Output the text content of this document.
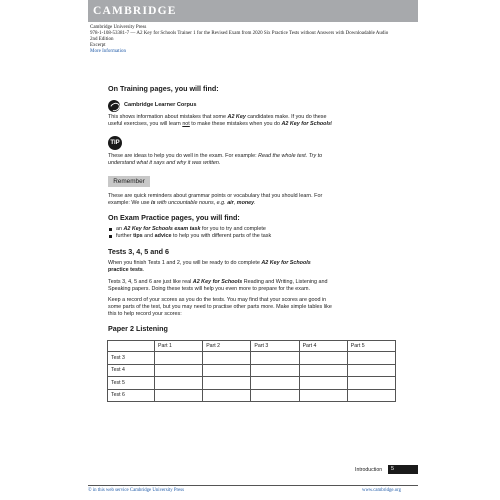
CAMBRIDGE
Cambridge University Press
978-1-108-53381-7 — A2 Key for Schools Trainer 1 for the Revised Exam from 2020 Six Practice Tests without Answers with Downloadable Audio
2nd Edition
Excerpt
More Information
On Training pages, you will find:
Cambridge Learner Corpus
This shows information about mistakes that some A2 Key candidates make. If you do these
useful exercises, you will learn not to make these mistakes when you do A2 Key for Schools!
TIP
These are ideas to help you do well in the exam. For example: Read the whole text. Try to
understand what it says and why it was written.
Remember
These are quick reminders about grammar points or vocabulary that you should learn. For
example: We use is with uncountable nouns, e.g. air, money.
On Exam Practice pages, you will find:
an A2 Key for Schools exam task for you to try and complete
further tips and advice to help you with different parts of the task
Tests 3, 4, 5 and 6
When you finish Tests 1 and 2, you will be ready to do complete A2 Key for Schools
practice tests.
Tests 3, 4, 5 and 6 are just like real A2 Key for Schools Reading and Writing, Listening and
Speaking papers. Doing these tests will help you even more to prepare for the exam.
Keep a record of your scores as you do the tests. You may find that your scores are good in
some parts of the test, but you may need to practise other parts more. Make simple tables like
this to help record your scores:
Paper 2 Listening
	Part 1	Part 2	Part 3	Part 4	Part 5
Test 3					
Test 4					
Test 5					
Test 6					
Introduction	5
© in this web service Cambridge University Press	www.cambridge.org
